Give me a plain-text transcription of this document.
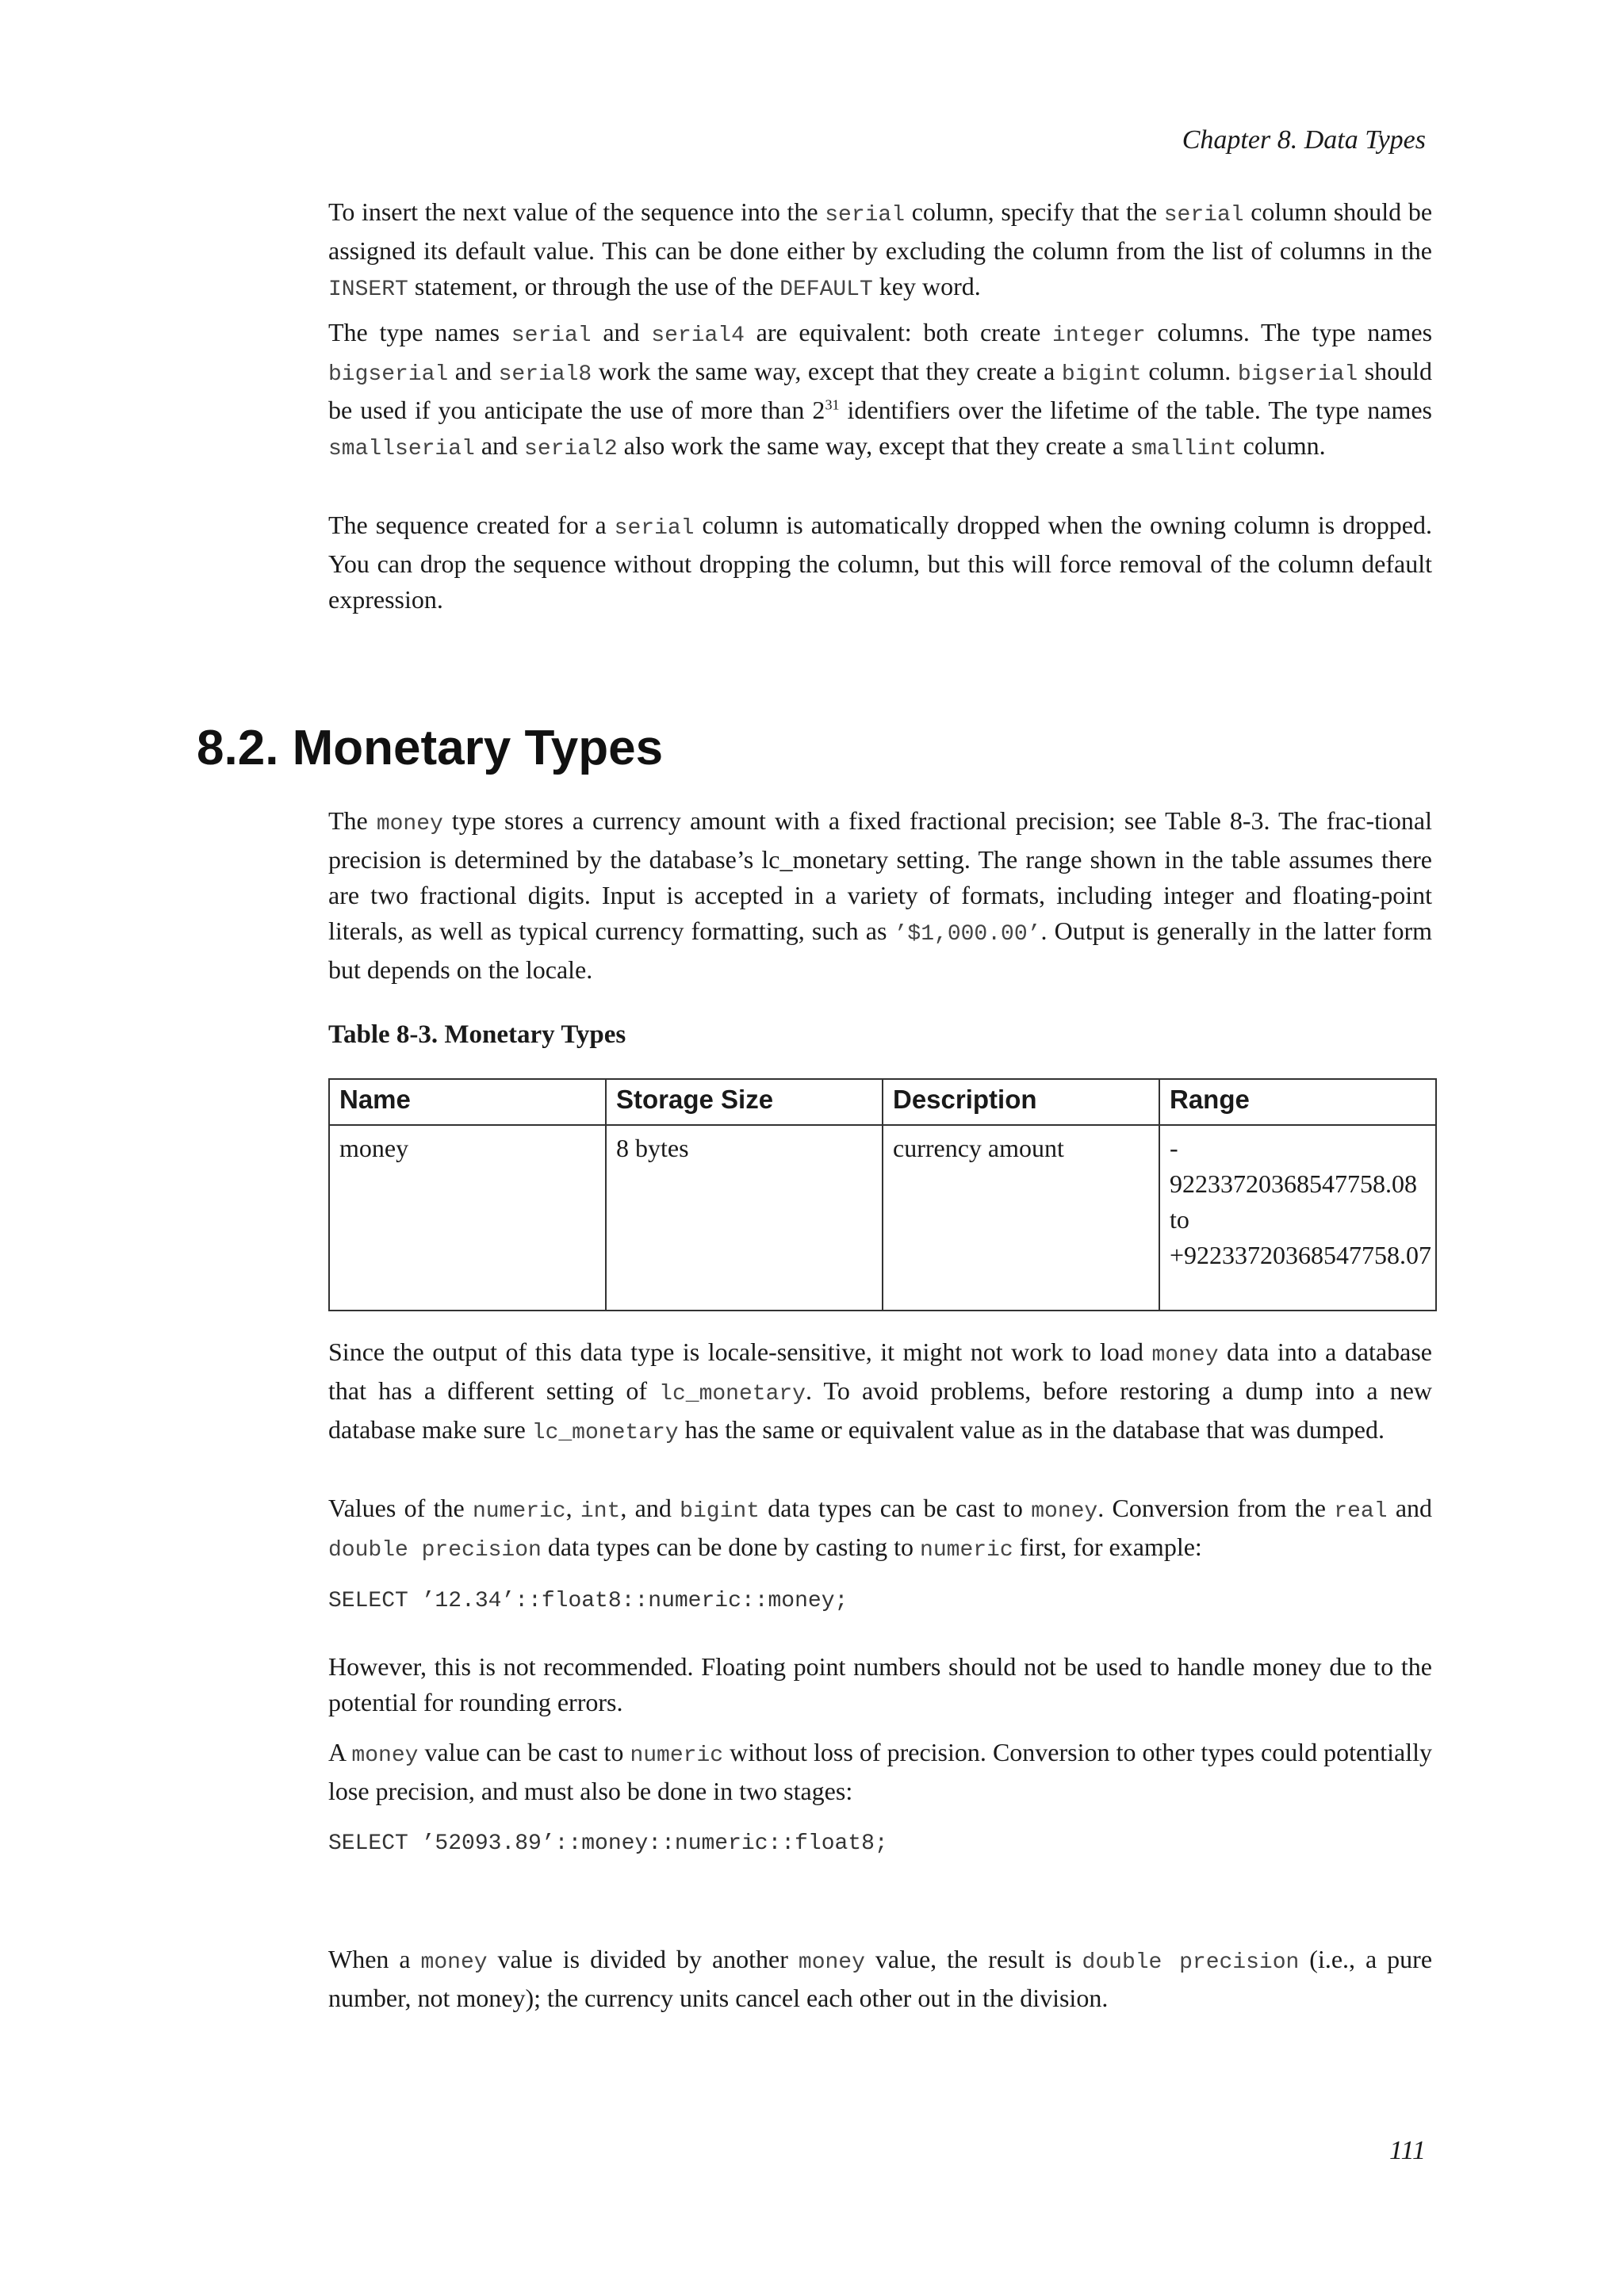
Chapter 8. Data Types

To insert the next value of the sequence into the serial column, specify that the serial column should be assigned its default value. This can be done either by excluding the column from the list of columns in the INSERT statement, or through the use of the DEFAULT key word.

The type names serial and serial4 are equivalent: both create integer columns. The type names bigserial and serial8 work the same way, except that they create a bigint column. bigserial should be used if you anticipate the use of more than $2^{31}$ identifiers over the lifetime of the table. The type names smallserial and serial2 also work the same way, except that they create a smallint column.

The sequence created for a serial column is automatically dropped when the owning column is dropped. You can drop the sequence without dropping the column, but this will force removal of the column default expression.

8.2. Monetary Types

The money type stores a currency amount with a fixed fractional precision; see Table 8-3. The frac-tional precision is determined by the database’s lc_monetary setting. The range shown in the table assumes there are two fractional digits. Input is accepted in a variety of formats, including integer and floating-point literals, as well as typical currency formatting, such as ’$1,000.00’. Output is generally in the latter form but depends on the locale.

Table 8-3. Monetary Types
Name	Storage Size	Description	Range
money	8 bytes	currency amount	-
92233720368547758.08
to
+92233720368547758.07

Since the output of this data type is locale-sensitive, it might not work to load money data into a database that has a different setting of lc_monetary. To avoid problems, before restoring a dump into a new database make sure lc_monetary has the same or equivalent value as in the database that was dumped.

Values of the numeric, int, and bigint data types can be cast to money. Conversion from the real and double precision data types can be done by casting to numeric first, for example:

SELECT ’12.34’::float8::numeric::money;

However, this is not recommended. Floating point numbers should not be used to handle money due to the potential for rounding errors.

A money value can be cast to numeric without loss of precision. Conversion to other types could potentially lose precision, and must also be done in two stages:

SELECT ’52093.89’::money::numeric::float8;

When a money value is divided by another money value, the result is double precision (i.e., a pure number, not money); the currency units cancel each other out in the division.

111
